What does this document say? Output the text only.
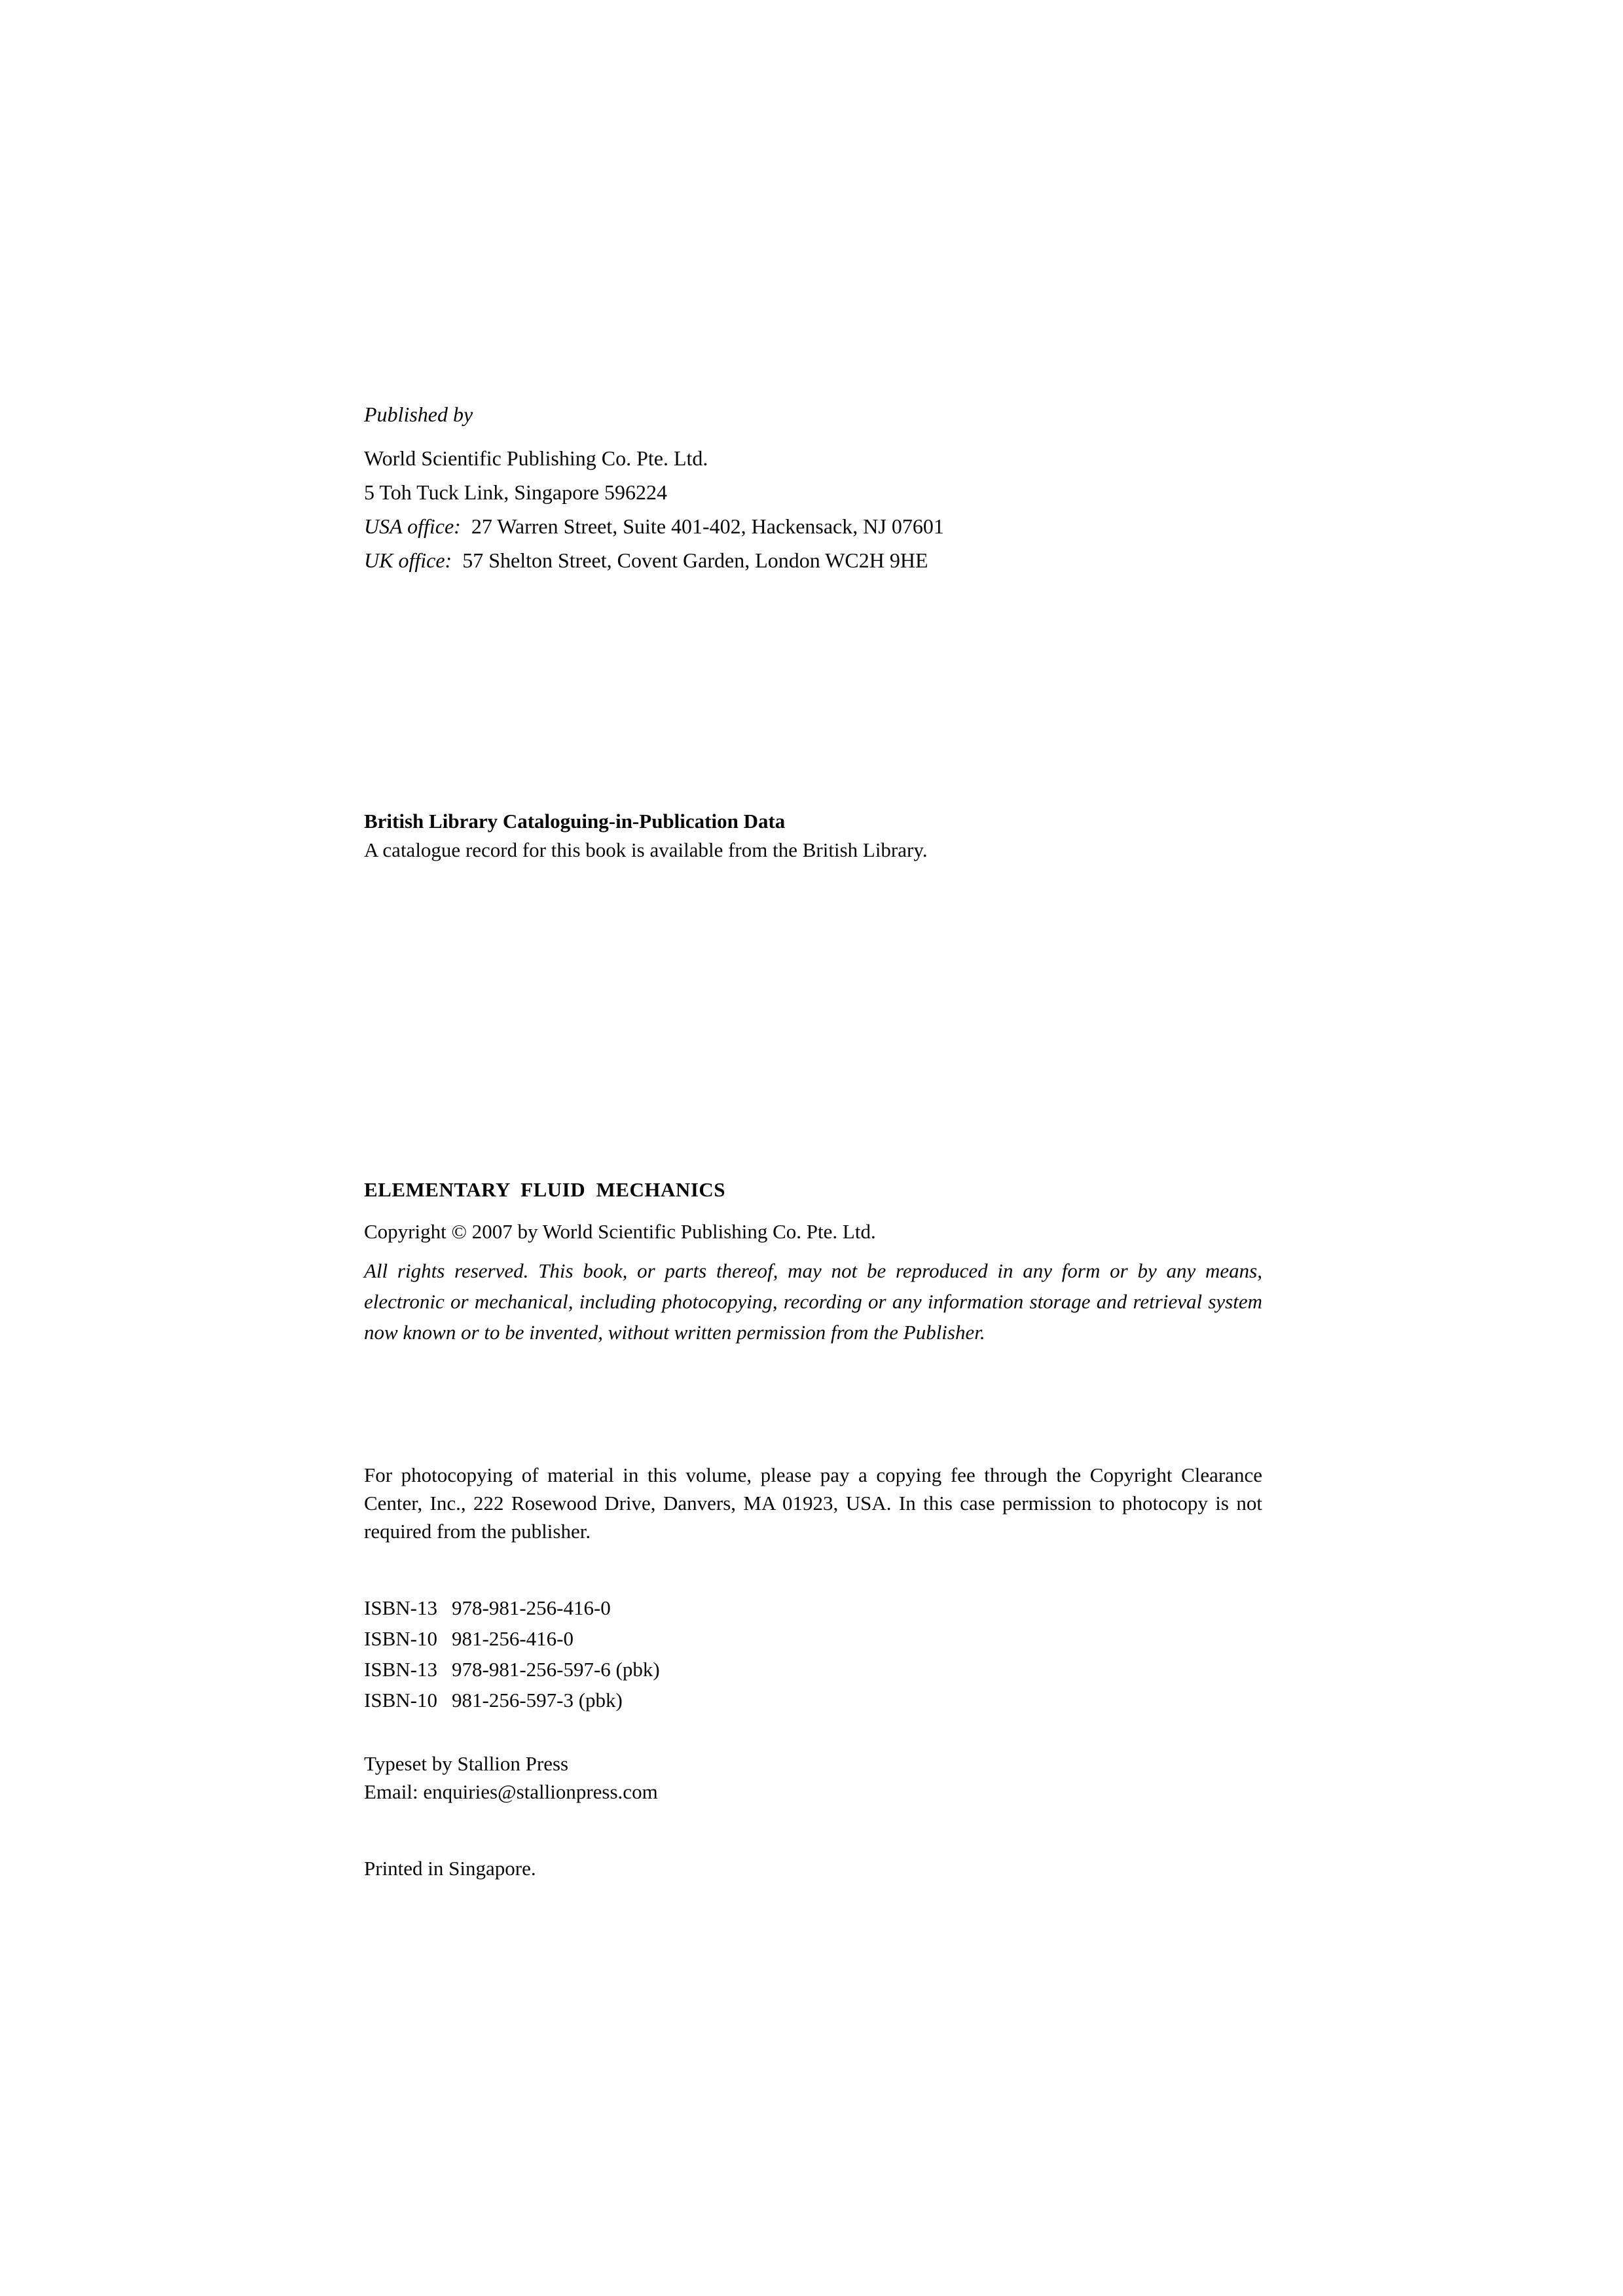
Published by
World Scientific Publishing Co. Pte. Ltd.
5 Toh Tuck Link, Singapore 596224
USA office: 27 Warren Street, Suite 401-402, Hackensack, NJ 07601
UK office: 57 Shelton Street, Covent Garden, London WC2H 9HE
British Library Cataloguing-in-Publication Data
A catalogue record for this book is available from the British Library.
ELEMENTARY  FLUID  MECHANICS
Copyright © 2007 by World Scientific Publishing Co. Pte. Ltd.
All rights reserved. This book, or parts thereof, may not be reproduced in any form or by any means, electronic or mechanical, including photocopying, recording or any information storage and retrieval system now known or to be invented, without written permission from the Publisher.
For photocopying of material in this volume, please pay a copying fee through the Copyright Clearance Center, Inc., 222 Rosewood Drive, Danvers, MA 01923, USA. In this case permission to photocopy is not required from the publisher.
ISBN-13 978-981-256-416-0
ISBN-10 981-256-416-0
ISBN-13 978-981-256-597-6 (pbk)
ISBN-10 981-256-597-3 (pbk)
Typeset by Stallion Press
Email: enquiries@stallionpress.com
Printed in Singapore.
